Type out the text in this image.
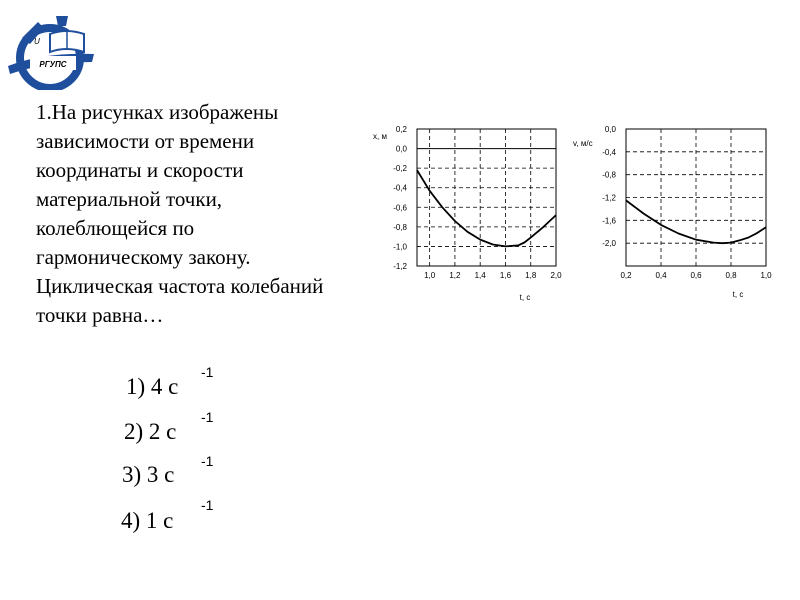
РГУПС
U
1.На рисунках изображены
зависимости от времени
координаты и скорости
материальной точки,
колеблющейся по
гармоническому закону.
Циклическая частота колебаний
точки равна…
1) 4 с
-1
2) 2 с
-1
3) 3 с
-1
4) 1 с
-1
0,2
0,0
-0,2
-0,4
-0,6
-0,8
-1,0
-1,2
1,0 1,2 1,4 1,6 1,8 2,0
x, м
t, с
0,0
-0,4
-0,8
-1,2
-1,6
-2,0
0,2	0,4	0,6	0,8	1,0
v, м/с
t, с
